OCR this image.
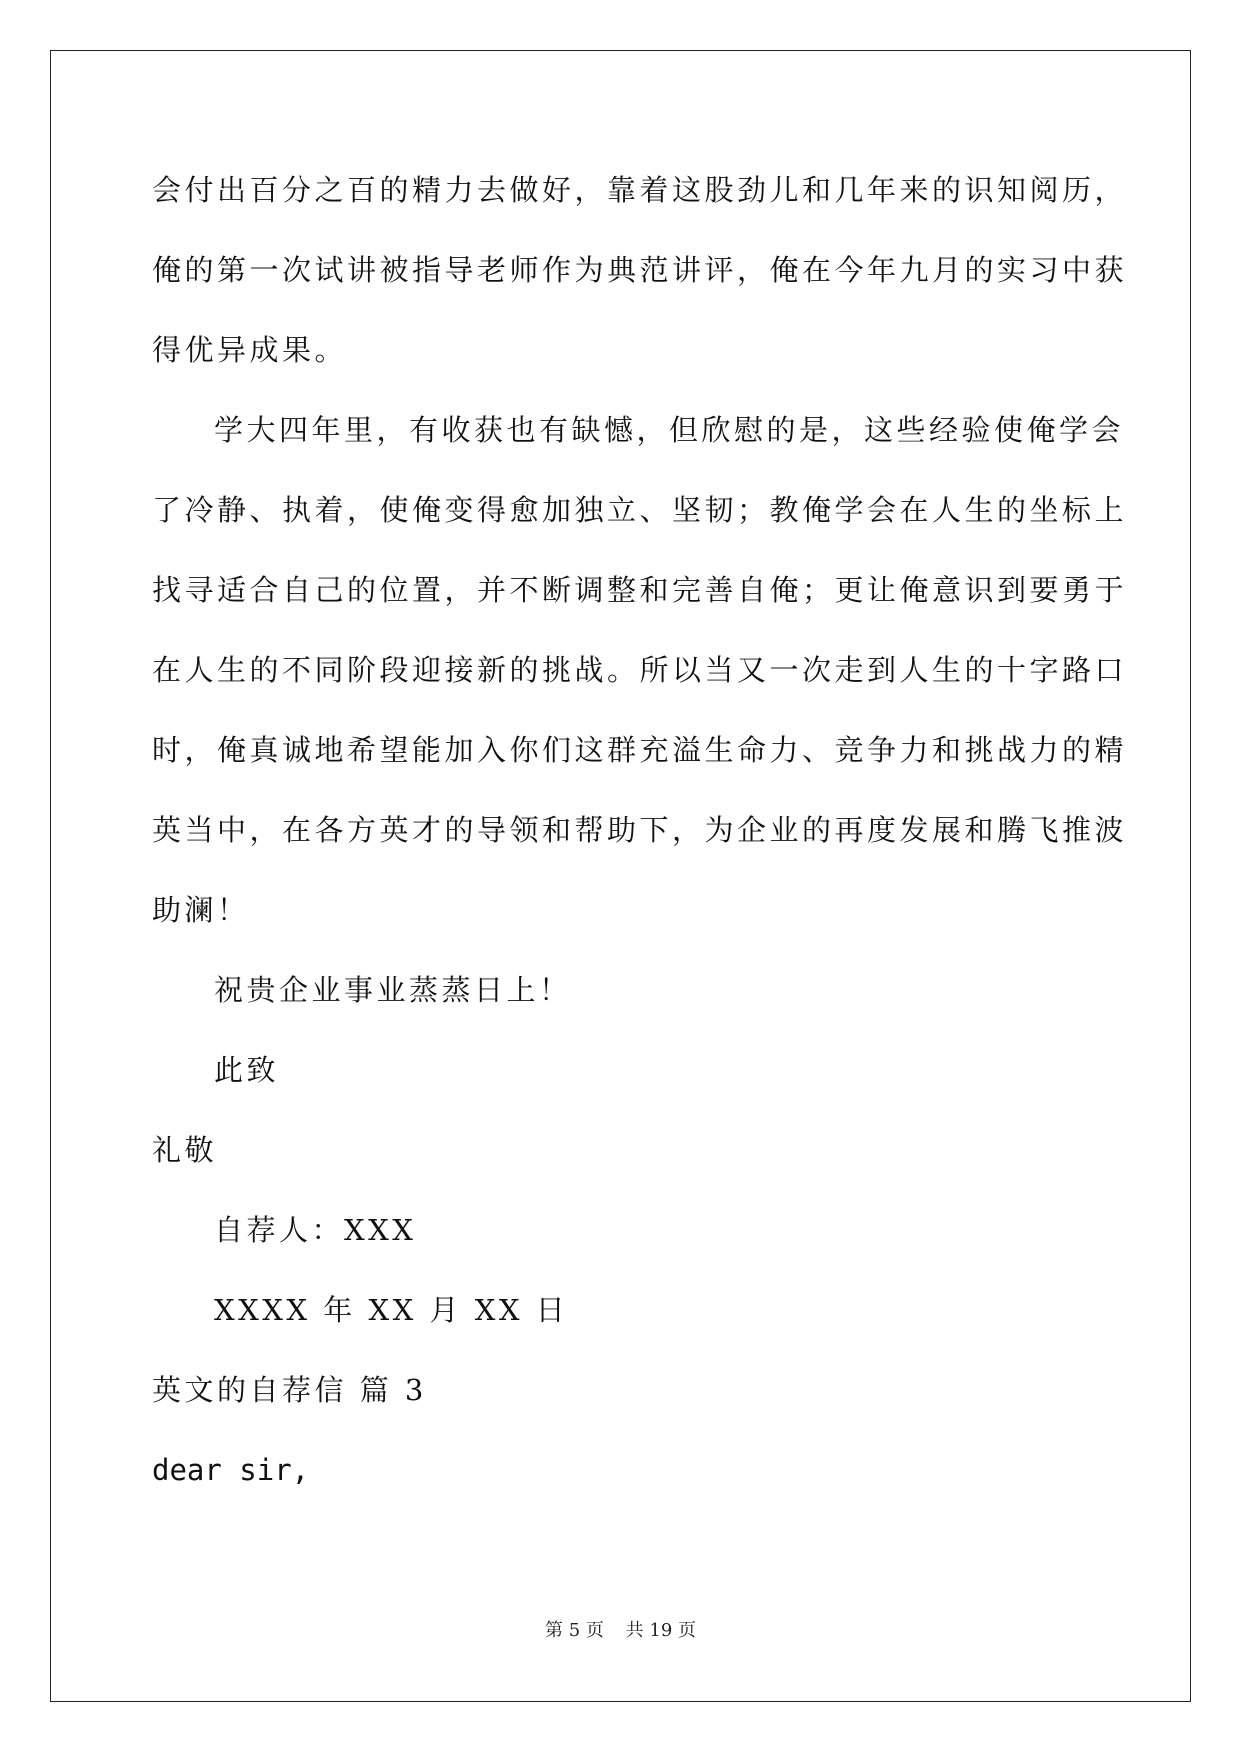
会付出百分之百的精力去做好，靠着这股劲儿和几年来的识知阅历，
俺的第一次试讲被指导老师作为典范讲评，俺在今年九月的实习中获
得优异成果。
学大四年里，有收获也有缺憾，但欣慰的是，这些经验使俺学会
了冷静、执着，使俺变得愈加独立、坚韧；教俺学会在人生的坐标上
找寻适合自己的位置，并不断调整和完善自俺；更让俺意识到要勇于
在人生的不同阶段迎接新的挑战。所以当又一次走到人生的十字路口
时，俺真诚地希望能加入你们这群充溢生命力、竞争力和挑战力的精
英当中，在各方英才的导领和帮助下，为企业的再度发展和腾飞推波
助澜！
祝贵企业事业蒸蒸日上！
此致
礼敬
自荐人：XXX
XXXX 年 XX 月 XX 日
英文的自荐信 篇 3
dear sir,
第 5 页 共 19 页
